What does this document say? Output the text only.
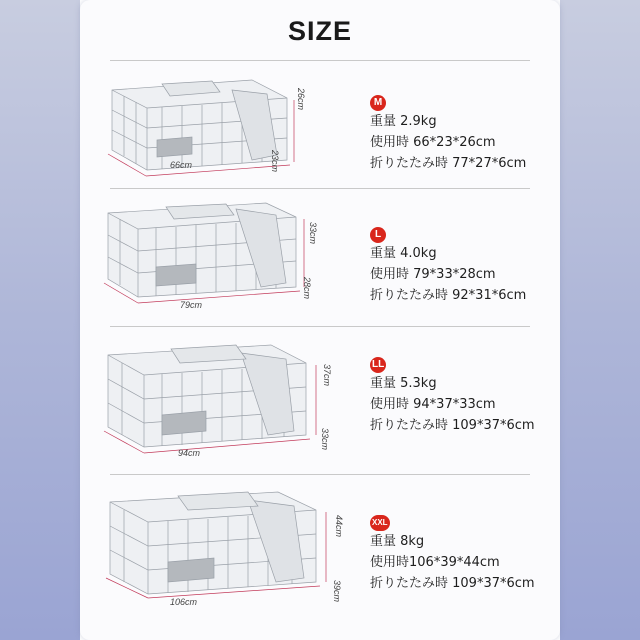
SIZE
66cm
26cm
23cm
M
重量 2.9kg
使用時 66*23*26cm
折りたたみ時 77*27*6cm
79cm
33cm
28cm
L
重量 4.0kg
使用時 79*33*28cm
折りたたみ時 92*31*6cm
94cm
37cm
33cm
LL
重量 5.3kg
使用時 94*37*33cm
折りたたみ時 109*37*6cm
106cm
44cm
39cm
XXL
重量 8kg
使用時106*39*44cm
折りたたみ時 109*37*6cm
